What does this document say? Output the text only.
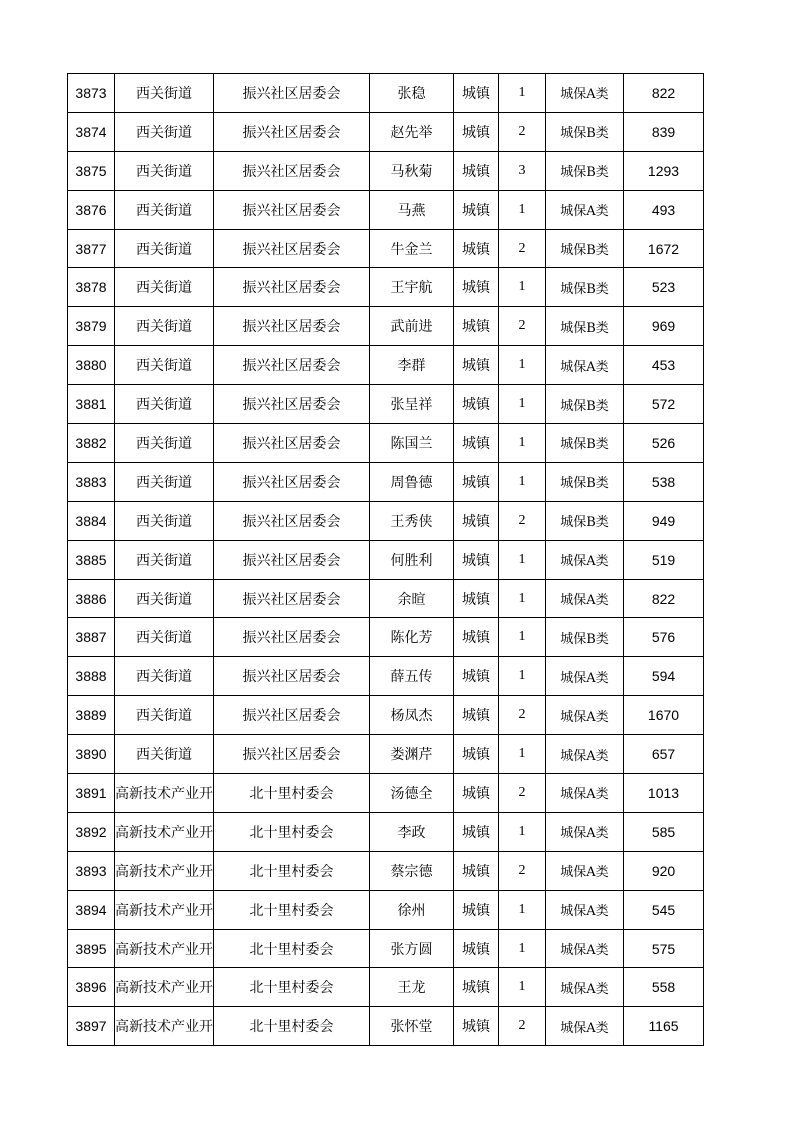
3873	西关街道	振兴社区居委会	张稳	城镇	1	城保A类	822
3874	西关街道	振兴社区居委会	赵先举	城镇	2	城保B类	839
3875	西关街道	振兴社区居委会	马秋菊	城镇	3	城保B类	1293
3876	西关街道	振兴社区居委会	马燕	城镇	1	城保A类	493
3877	西关街道	振兴社区居委会	牛金兰	城镇	2	城保B类	1672
3878	西关街道	振兴社区居委会	王宇航	城镇	1	城保B类	523
3879	西关街道	振兴社区居委会	武前进	城镇	2	城保B类	969
3880	西关街道	振兴社区居委会	李群	城镇	1	城保A类	453
3881	西关街道	振兴社区居委会	张呈祥	城镇	1	城保B类	572
3882	西关街道	振兴社区居委会	陈国兰	城镇	1	城保B类	526
3883	西关街道	振兴社区居委会	周鲁德	城镇	1	城保B类	538
3884	西关街道	振兴社区居委会	王秀侠	城镇	2	城保B类	949
3885	西关街道	振兴社区居委会	何胜利	城镇	1	城保A类	519
3886	西关街道	振兴社区居委会	余暄	城镇	1	城保A类	822
3887	西关街道	振兴社区居委会	陈化芳	城镇	1	城保B类	576
3888	西关街道	振兴社区居委会	薛五传	城镇	1	城保A类	594
3889	西关街道	振兴社区居委会	杨凤杰	城镇	2	城保A类	1670
3890	西关街道	振兴社区居委会	娄渊芹	城镇	1	城保A类	657
3891	高新技术产业开	北十里村委会	汤德全	城镇	2	城保A类	1013
3892	高新技术产业开	北十里村委会	李政	城镇	1	城保A类	585
3893	高新技术产业开	北十里村委会	蔡宗德	城镇	2	城保A类	920
3894	高新技术产业开	北十里村委会	徐州	城镇	1	城保A类	545
3895	高新技术产业开	北十里村委会	张方圆	城镇	1	城保A类	575
3896	高新技术产业开	北十里村委会	王龙	城镇	1	城保A类	558
3897	高新技术产业开	北十里村委会	张怀堂	城镇	2	城保A类	1165
